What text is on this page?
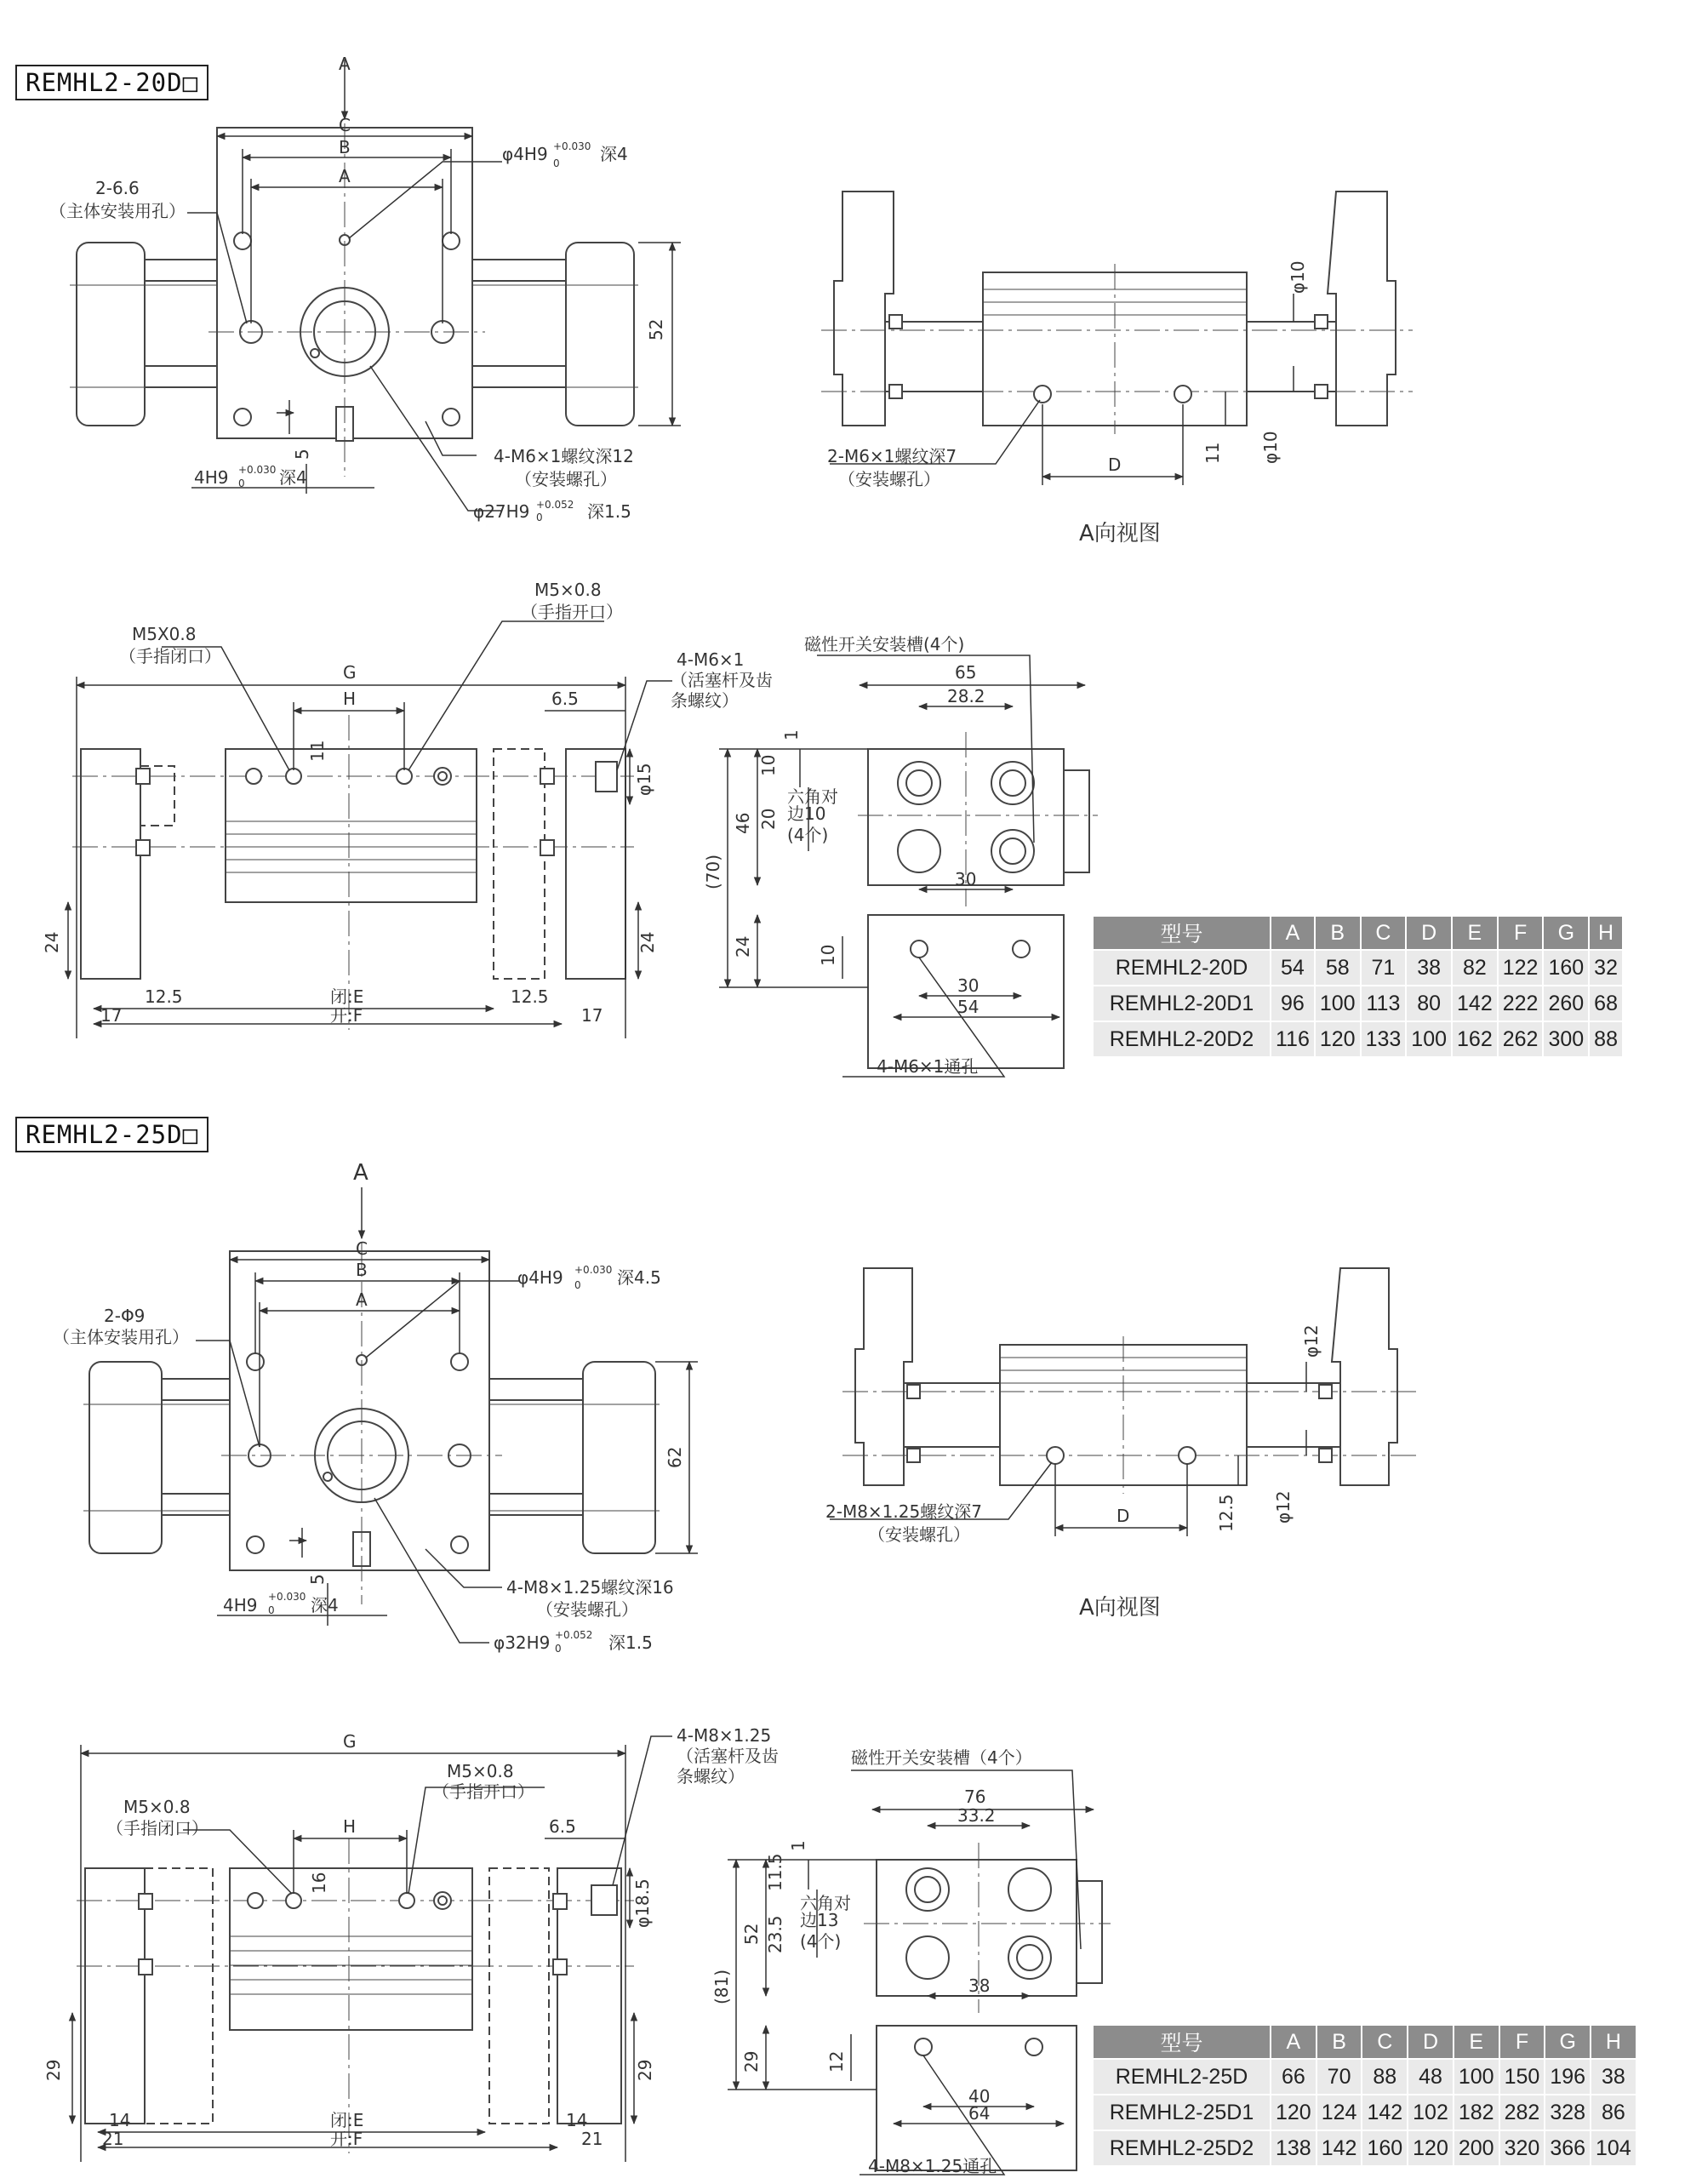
REMHL2-20D□
REMHL2-25D□
A
C
B
A
2-6.6
（主体安装用孔）
φ4H9 +0.030
0 深4
52
5
4H9 +0.030
0 深4
4-M6×1螺纹深12
（安装螺孔）
φ27H9 +0.052
0	深1.5
D
11
φ10
φ10
2-M6×1螺纹深7
（安装螺孔）
A向视图
G
H
11
6.5
φ15
24	24
12.5	12.5
17	17
闭:E
开:F
M5X0.8
（手指闭口）
M5×0.8
（手指开口）
4-M6×1
（活塞杆及齿
条螺纹）
磁性开关安装槽(4个)
65
28.2
1
10
20
46
(70)
六角对
边10
(4个)
30
24	10
30
54
4-M6×1通孔
A
C
B
A
2-Φ9
（主体安装用孔）
φ4H9 +0.030
0 深4.5
62
5
4H9 +0.030
0 深4
4-M8×1.25螺纹深16
（安装螺孔）
φ32H9 +0.052
0	深1.5
D	12.5
φ12
φ12
2-M8×1.25螺纹深7
（安装螺孔）
A向视图
G
H
16
6.5
φ18.5
29	29
14	14
21	21
闭:E
开:F
M5×0.8
（手指闭口）
M5×0.8
（手指开口）
4-M8×1.25
（活塞杆及齿
条螺纹）
磁性开关安装槽（4个）
76
33.2
1
11.5
23.5
52
(81)
六角对
边13
(4个)
38
29	12
40
64
4-M8×1.25通孔
型号	A	B	C	D	E	F	G	H
REMHL2-20D	54	58	71	38	82	122	160	32
REMHL2-20D1	96	100	113	80	142	222	260	68
REMHL2-20D2	116	120	133	100	162	262	300	88
型号	A	B	C	D	E	F	G	H
REMHL2-25D	66	70	88	48	100	150	196	38
REMHL2-25D1	120	124	142	102	182	282	328	86
REMHL2-25D2	138	142	160	120	200	320	366	104
